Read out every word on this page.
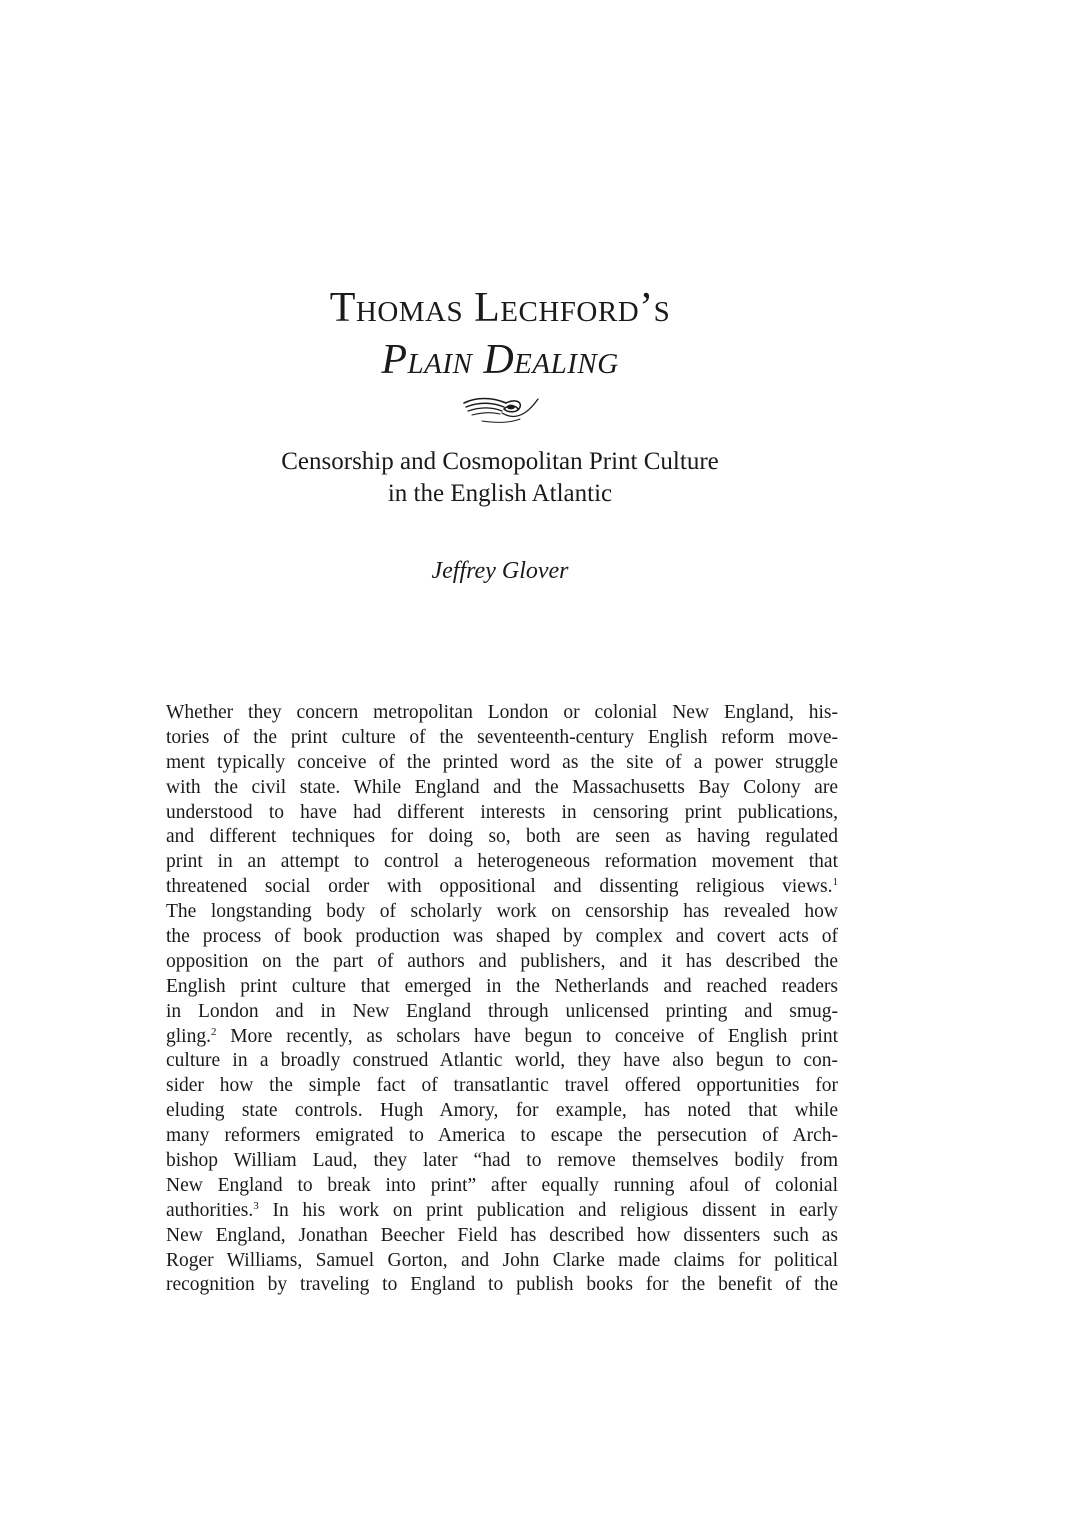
Thomas Lechford’s
Plain Dealing
Censorship and Cosmopolitan Print Culture
in the English Atlantic
Jeffrey Glover
Whether they concern metropolitan London or colonial New England, his-
tories of the print culture of the seventeenth-century English reform move-
ment typically conceive of the printed word as the site of a power struggle
with the civil state. While England and the Massachusetts Bay Colony are
understood to have had different interests in censoring print publications,
and different techniques for doing so, both are seen as having regulated
print in an attempt to control a heterogeneous reformation movement that
threatened social order with oppositional and dissenting religious views.$^1$
The longstanding body of scholarly work on censorship has revealed how
the process of book production was shaped by complex and covert acts of
opposition on the part of authors and publishers, and it has described the
English print culture that emerged in the Netherlands and reached readers
in London and in New England through unlicensed printing and smug-
gling.$^2$ More recently, as scholars have begun to conceive of English print
culture in a broadly construed Atlantic world, they have also begun to con-
sider how the simple fact of transatlantic travel offered opportunities for
eluding state controls. Hugh Amory, for example, has noted that while
many reformers emigrated to America to escape the persecution of Arch-
bishop William Laud, they later “had to remove themselves bodily from
New England to break into print” after equally running afoul of colonial
authorities.$^3$ In his work on print publication and religious dissent in early
New England, Jonathan Beecher Field has described how dissenters such as
Roger Williams, Samuel Gorton, and John Clarke made claims for political
recognition by traveling to England to publish books for the benefit of the
